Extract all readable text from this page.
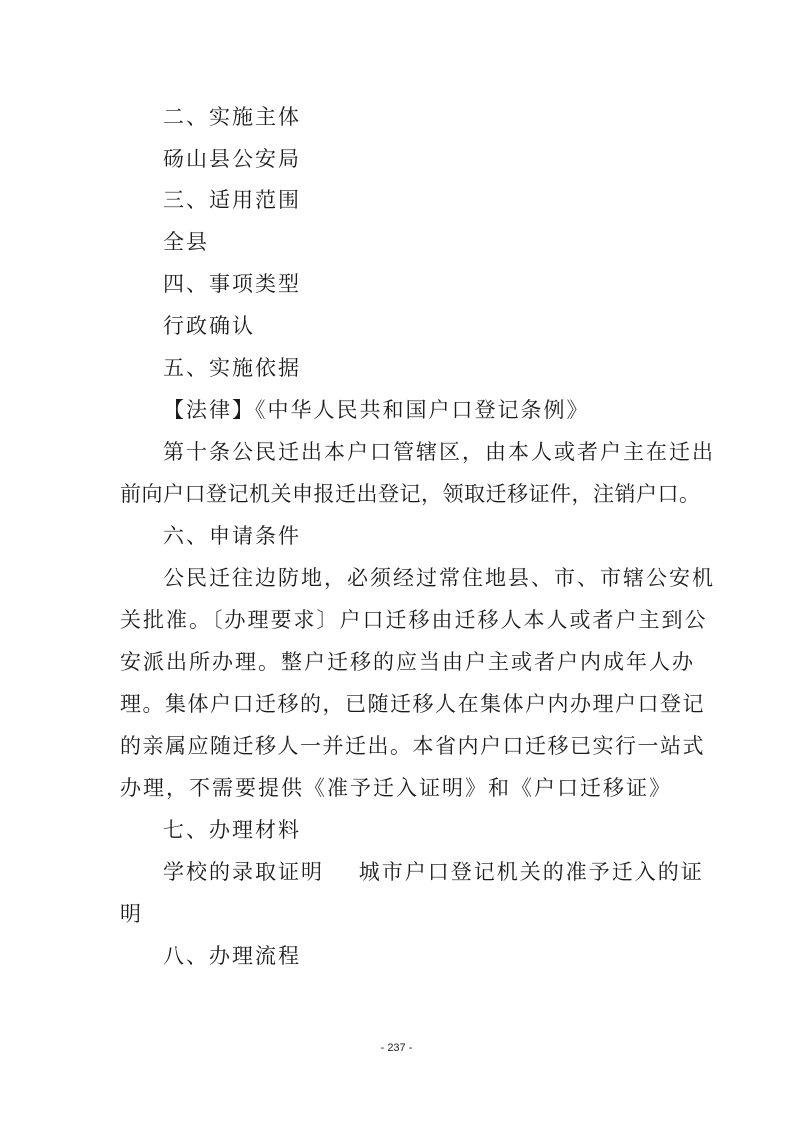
二、实施主体
砀山县公安局
三、适用范围
全县
四、事项类型
行政确认
五、实施依据
【法律】《中华人民共和国户口登记条例》
第十条公民迁出本户口管辖区，由本人或者户主在迁出
前向户口登记机关申报迁出登记，领取迁移证件，注销户口。
六、申请条件
公民迁往边防地，必须经过常住地县、市、市辖公安机
关批准。〔办理要求〕户口迁移由迁移人本人或者户主到公
安派出所办理。整户迁移的应当由户主或者户内成年人办
理。集体户口迁移的，已随迁移人在集体户内办理户口登记
的亲属应随迁移人一并迁出。本省内户口迁移已实行一站式
办理，不需要提供《准予迁入证明》和《户口迁移证》
七、办理材料
学校的录取证明    城市户口登记机关的准予迁入的证
明
八、办理流程
- 237 -
